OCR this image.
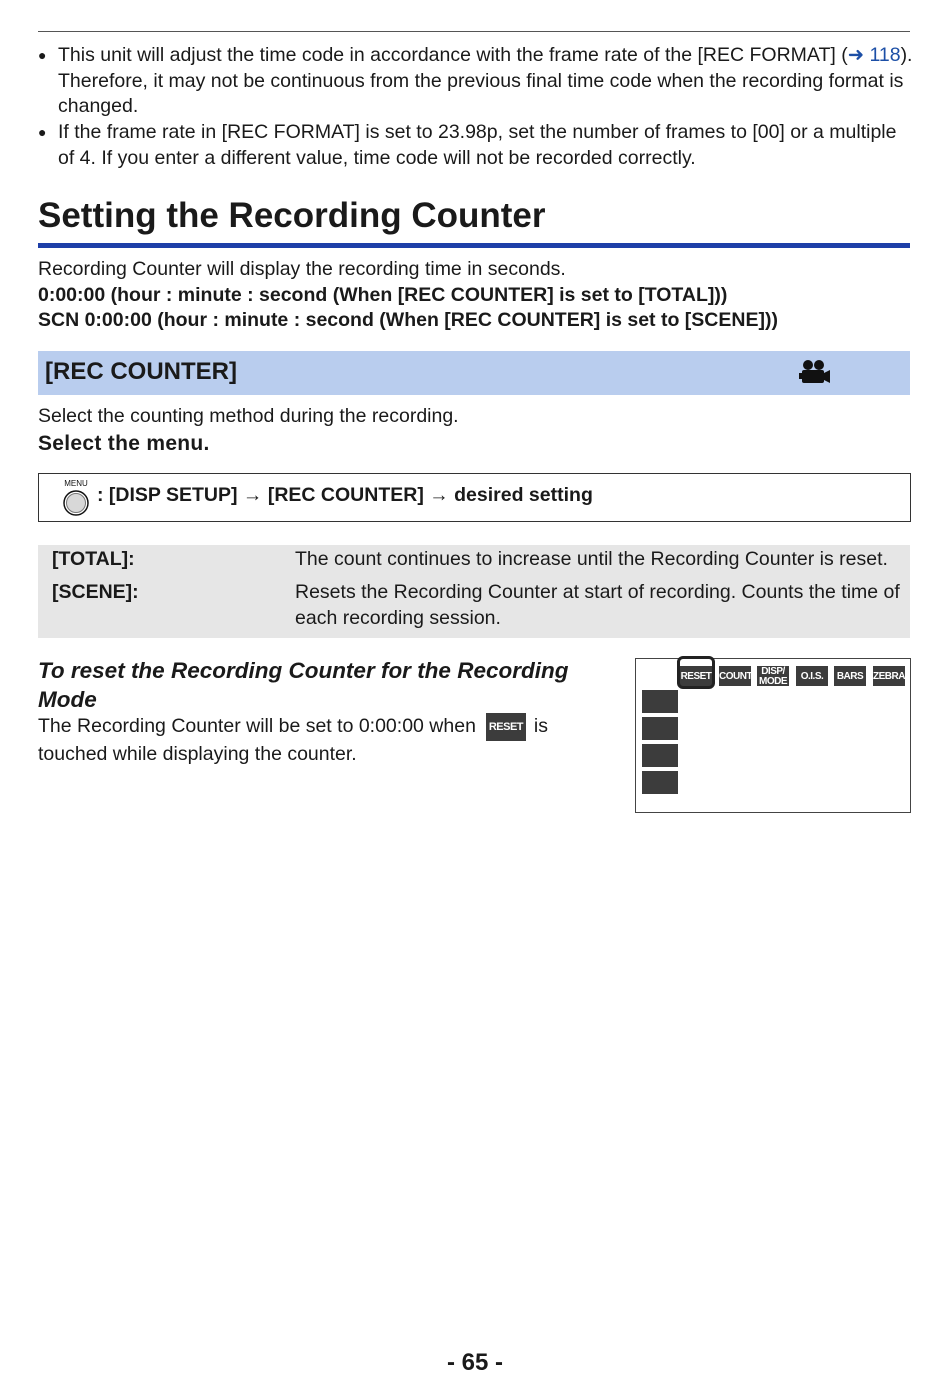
● This unit will adjust the time code in accordance with the frame rate of the [REC FORMAT] (➜ 118). Therefore, it may not be continuous from the previous final time code when the recording format is changed.
● If the frame rate in [REC FORMAT] is set to 23.98p, set the number of frames to [00] or a multiple of 4. If you enter a different value, time code will not be recorded correctly.
Setting the Recording Counter
Recording Counter will display the recording time in seconds.
0:00:00 (hour : minute : second (When [REC COUNTER] is set to [TOTAL]))
SCN 0:00:00 (hour : minute : second (When [REC COUNTER] is set to [SCENE]))
[REC COUNTER]
Select the counting method during the recording.
Select the menu.
MENU
: [DISP SETUP] → [REC COUNTER] → desired setting
[TOTAL]:	The count continues to increase until the Recording Counter is reset.
[SCENE]:	Resets the Recording Counter at start of recording. Counts the time of each recording session.
To reset the Recording Counter for the Recording Mode
The Recording Counter will be set to 0:00:00 when RESET is touched while displaying the counter.
RESET COUNT DISP/
MODE	O.I.S.	BARS ZEBRA
- 65 -
